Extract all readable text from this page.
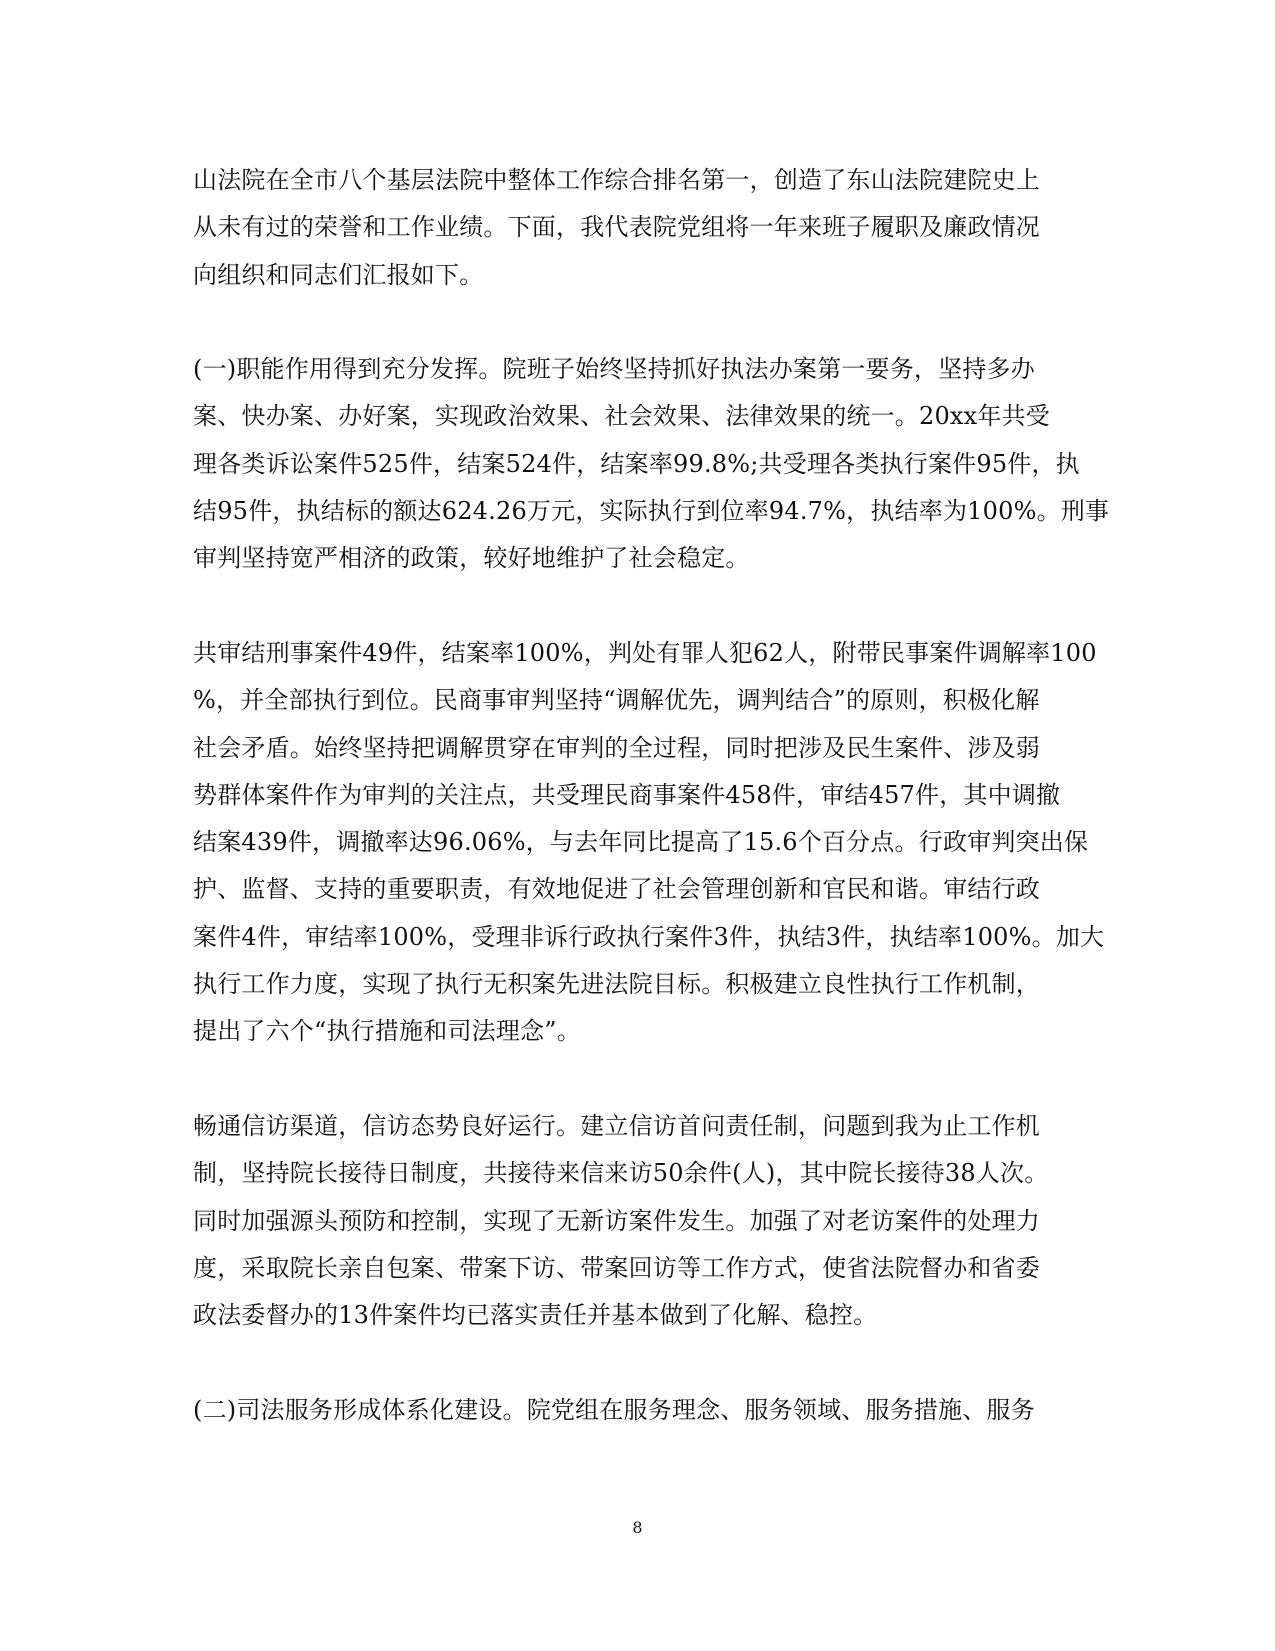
山法院在全市八个基层法院中整体工作综合排名第一，创造了东山法院建院史上
从未有过的荣誉和工作业绩。下面，我代表院党组将一年来班子履职及廉政情况
向组织和同志们汇报如下。
(一)职能作用得到充分发挥。院班子始终坚持抓好执法办案第一要务，坚持多办
案、快办案、办好案，实现政治效果、社会效果、法律效果的统一。20xx年共受
理各类诉讼案件525件，结案524件，结案率99.8%;共受理各类执行案件95件，执
结95件，执结标的额达624.26万元，实际执行到位率94.7%，执结率为100%。刑事
审判坚持宽严相济的政策，较好地维护了社会稳定。
共审结刑事案件49件，结案率100%，判处有罪人犯62人，附带民事案件调解率100
%，并全部执行到位。民商事审判坚持“调解优先，调判结合”的原则，积极化解
社会矛盾。始终坚持把调解贯穿在审判的全过程，同时把涉及民生案件、涉及弱
势群体案件作为审判的关注点，共受理民商事案件458件，审结457件，其中调撤
结案439件，调撤率达96.06%，与去年同比提高了15.6个百分点。行政审判突出保
护、监督、支持的重要职责，有效地促进了社会管理创新和官民和谐。审结行政
案件4件，审结率100%，受理非诉行政执行案件3件，执结3件，执结率100%。加大
执行工作力度，实现了执行无积案先进法院目标。积极建立良性执行工作机制，
提出了六个“执行措施和司法理念”。
畅通信访渠道，信访态势良好运行。建立信访首问责任制，问题到我为止工作机
制，坚持院长接待日制度，共接待来信来访50余件(人)，其中院长接待38人次。
同时加强源头预防和控制，实现了无新访案件发生。加强了对老访案件的处理力
度，采取院长亲自包案、带案下访、带案回访等工作方式，使省法院督办和省委
政法委督办的13件案件均已落实责任并基本做到了化解、稳控。
(二)司法服务形成体系化建设。院党组在服务理念、服务领域、服务措施、服务
8
